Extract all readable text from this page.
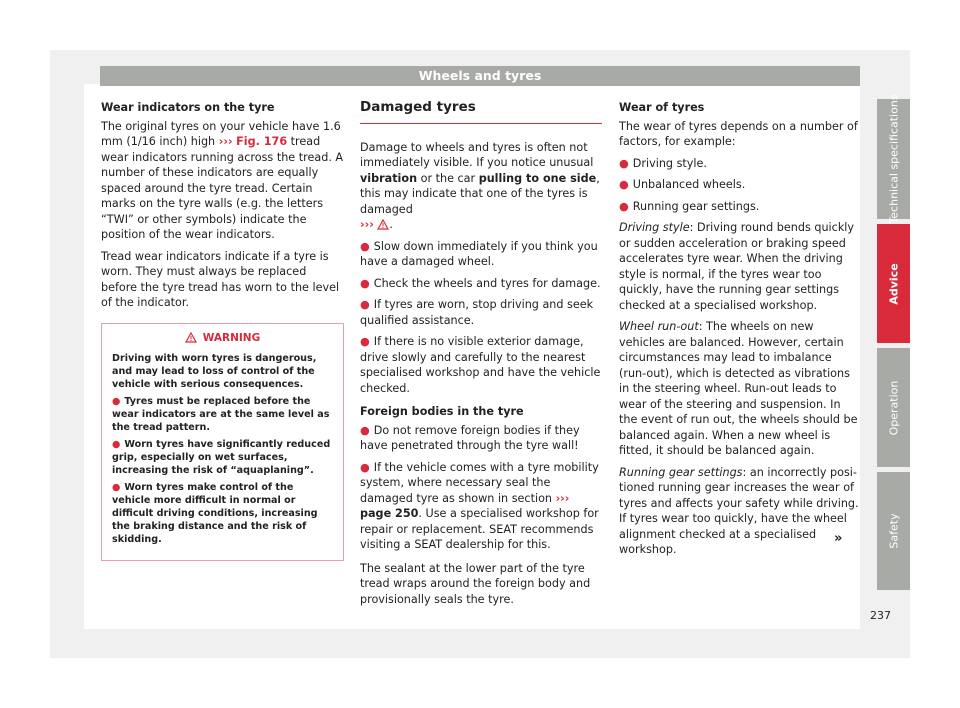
Wheels and tyres

Wear indicators on the tyre

The original tyres on your vehicle have 1.6 mm (1/16 inch) high ››› Fig. 176 tread wear indicators running across the tread. A number of these indicators are equally spaced around the tyre tread. Certain marks on the tyre walls (e.g. the letters “TWI” or other symbols) indicate the position of the wear indicators.

Tread wear indicators indicate if a tyre is worn. They must always be replaced before the tyre tread has worn to the level of the indicator.

WARNING

Driving with worn tyres is dangerous, and may lead to loss of control of the vehicle with serious consequences.

● Tyres must be replaced before the wear indicators are at the same level as the tread pattern.

● Worn tyres have significantly reduced grip, especially on wet surfaces, increasing the risk of “aquaplaning”.

● Worn tyres make control of the vehicle more difficult in normal or difficult driving conditions, increasing the braking distance and the risk of skidding.

Damaged tyres

Damage to wheels and tyres is often not immediately visible. If you notice unusual vibration or the car pulling to one side, this may indicate that one of the tyres is damaged
››› .

● Slow down immediately if you think you have a damaged wheel.

● Check the wheels and tyres for damage.

● If tyres are worn, stop driving and seek qualified assistance.

● If there is no visible exterior damage, drive slowly and carefully to the nearest specialised workshop and have the vehicle checked.

Foreign bodies in the tyre

● Do not remove foreign bodies if they have penetrated through the tyre wall!

● If the vehicle comes with a tyre mobility system, where necessary seal the damaged tyre as shown in section ››› page 250. Use a specialised workshop for repair or replacement. SEAT recommends visiting a SEAT dealership for this.

The sealant at the lower part of the tyre tread wraps around the foreign body and provisionally seals the tyre.

Wear of tyres

The wear of tyres depends on a number of factors, for example:

● Driving style.

● Unbalanced wheels.

● Running gear settings.

Driving style: Driving round bends quickly or sudden acceleration or braking speed accelerates tyre wear. When the driving style is normal, if the tyres wear too quickly, have the running gear settings checked at a specialised workshop.

Wheel run-out: The wheels on new vehicles are balanced. However, certain circumstances may lead to imbalance (run-out), which is detected as vibrations in the steering wheel. Run-out leads to wear of the steering and suspension. In the event of run out, the wheels should be balanced again. When a new wheel is fitted, it should be balanced again.

Running gear settings: an incorrectly positioned running gear increases the wear of tyres and affects your safety while driving. If tyres wear too quickly, have the wheel alignment checked at a specialised workshop.

»
Technical specifications
Advice
Operation
Safety
237
